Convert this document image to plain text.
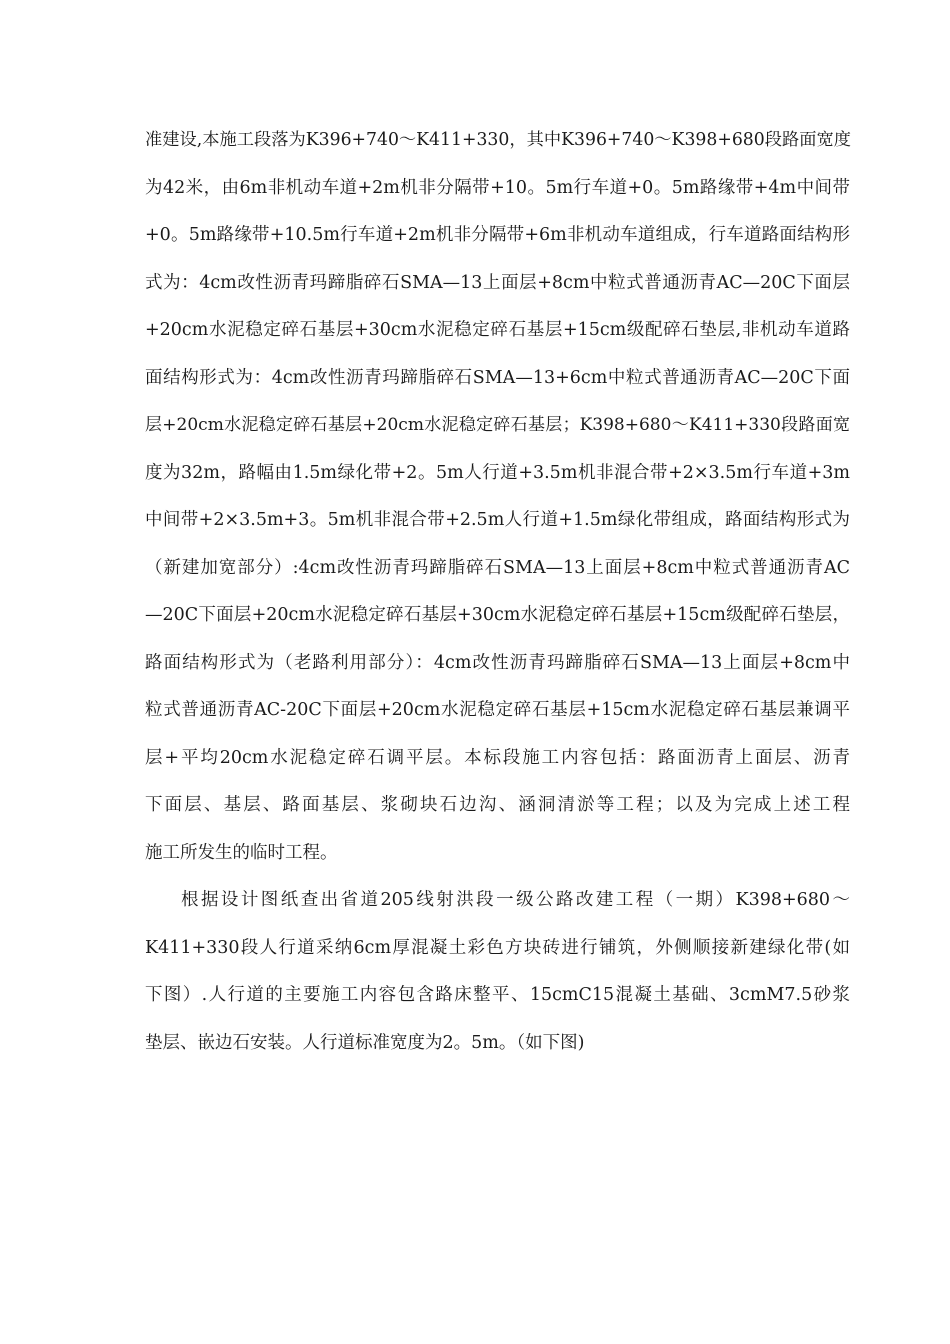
准建设,本施工段落为K396+740～K411+330，其中K396+740～K398+680段路面宽度
为42米，由6m非机动车道+2m机非分隔带+10。5m行车道+0。5m路缘带+4m中间带
+0。5m路缘带+10.5m行车道+2m机非分隔带+6m非机动车道组成，行车道路面结构形
式为：4cm改性沥青玛蹄脂碎石SMA—13上面层+8cm中粒式普通沥青AC—20C下面层
+20cm水泥稳定碎石基层+30cm水泥稳定碎石基层+15cm级配碎石垫层,非机动车道路
面结构形式为：4cm改性沥青玛蹄脂碎石SMA—13+6cm中粒式普通沥青AC—20C下面
层+20cm水泥稳定碎石基层+20cm水泥稳定碎石基层；K398+680～K411+330段路面宽
度为32m，路幅由1.5m绿化带+2。5m人行道+3.5m机非混合带+2×3.5m行车道+3m
中间带+2×3.5m+3。5m机非混合带+2.5m人行道+1.5m绿化带组成，路面结构形式为
（新建加宽部分）:4cm改性沥青玛蹄脂碎石SMA—13上面层+8cm中粒式普通沥青AC
—20C下面层+20cm水泥稳定碎石基层+30cm水泥稳定碎石基层+15cm级配碎石垫层，
路面结构形式为（老路利用部分）：4cm改性沥青玛蹄脂碎石SMA—13上面层+8cm中
粒式普通沥青AC-20C下面层+20cm水泥稳定碎石基层+15cm水泥稳定碎石基层兼调平
层+平均20cm水泥稳定碎石调平层。本标段施工内容包括：路面沥青上面层、沥青
下面层、基层、路面基层、浆砌块石边沟、涵洞清淤等工程；以及为完成上述工程
施工所发生的临时工程。
根据设计图纸查出省道205线射洪段一级公路改建工程（一期）K398+680～
K411+330段人行道采纳6cm厚混凝土彩色方块砖进行铺筑，外侧顺接新建绿化带(如
下图）.人行道的主要施工内容包含路床整平、15cmC15混凝土基础、3cmM7.5砂浆
垫层、嵌边石安装。人行道标准宽度为2。5m。（如下图)
